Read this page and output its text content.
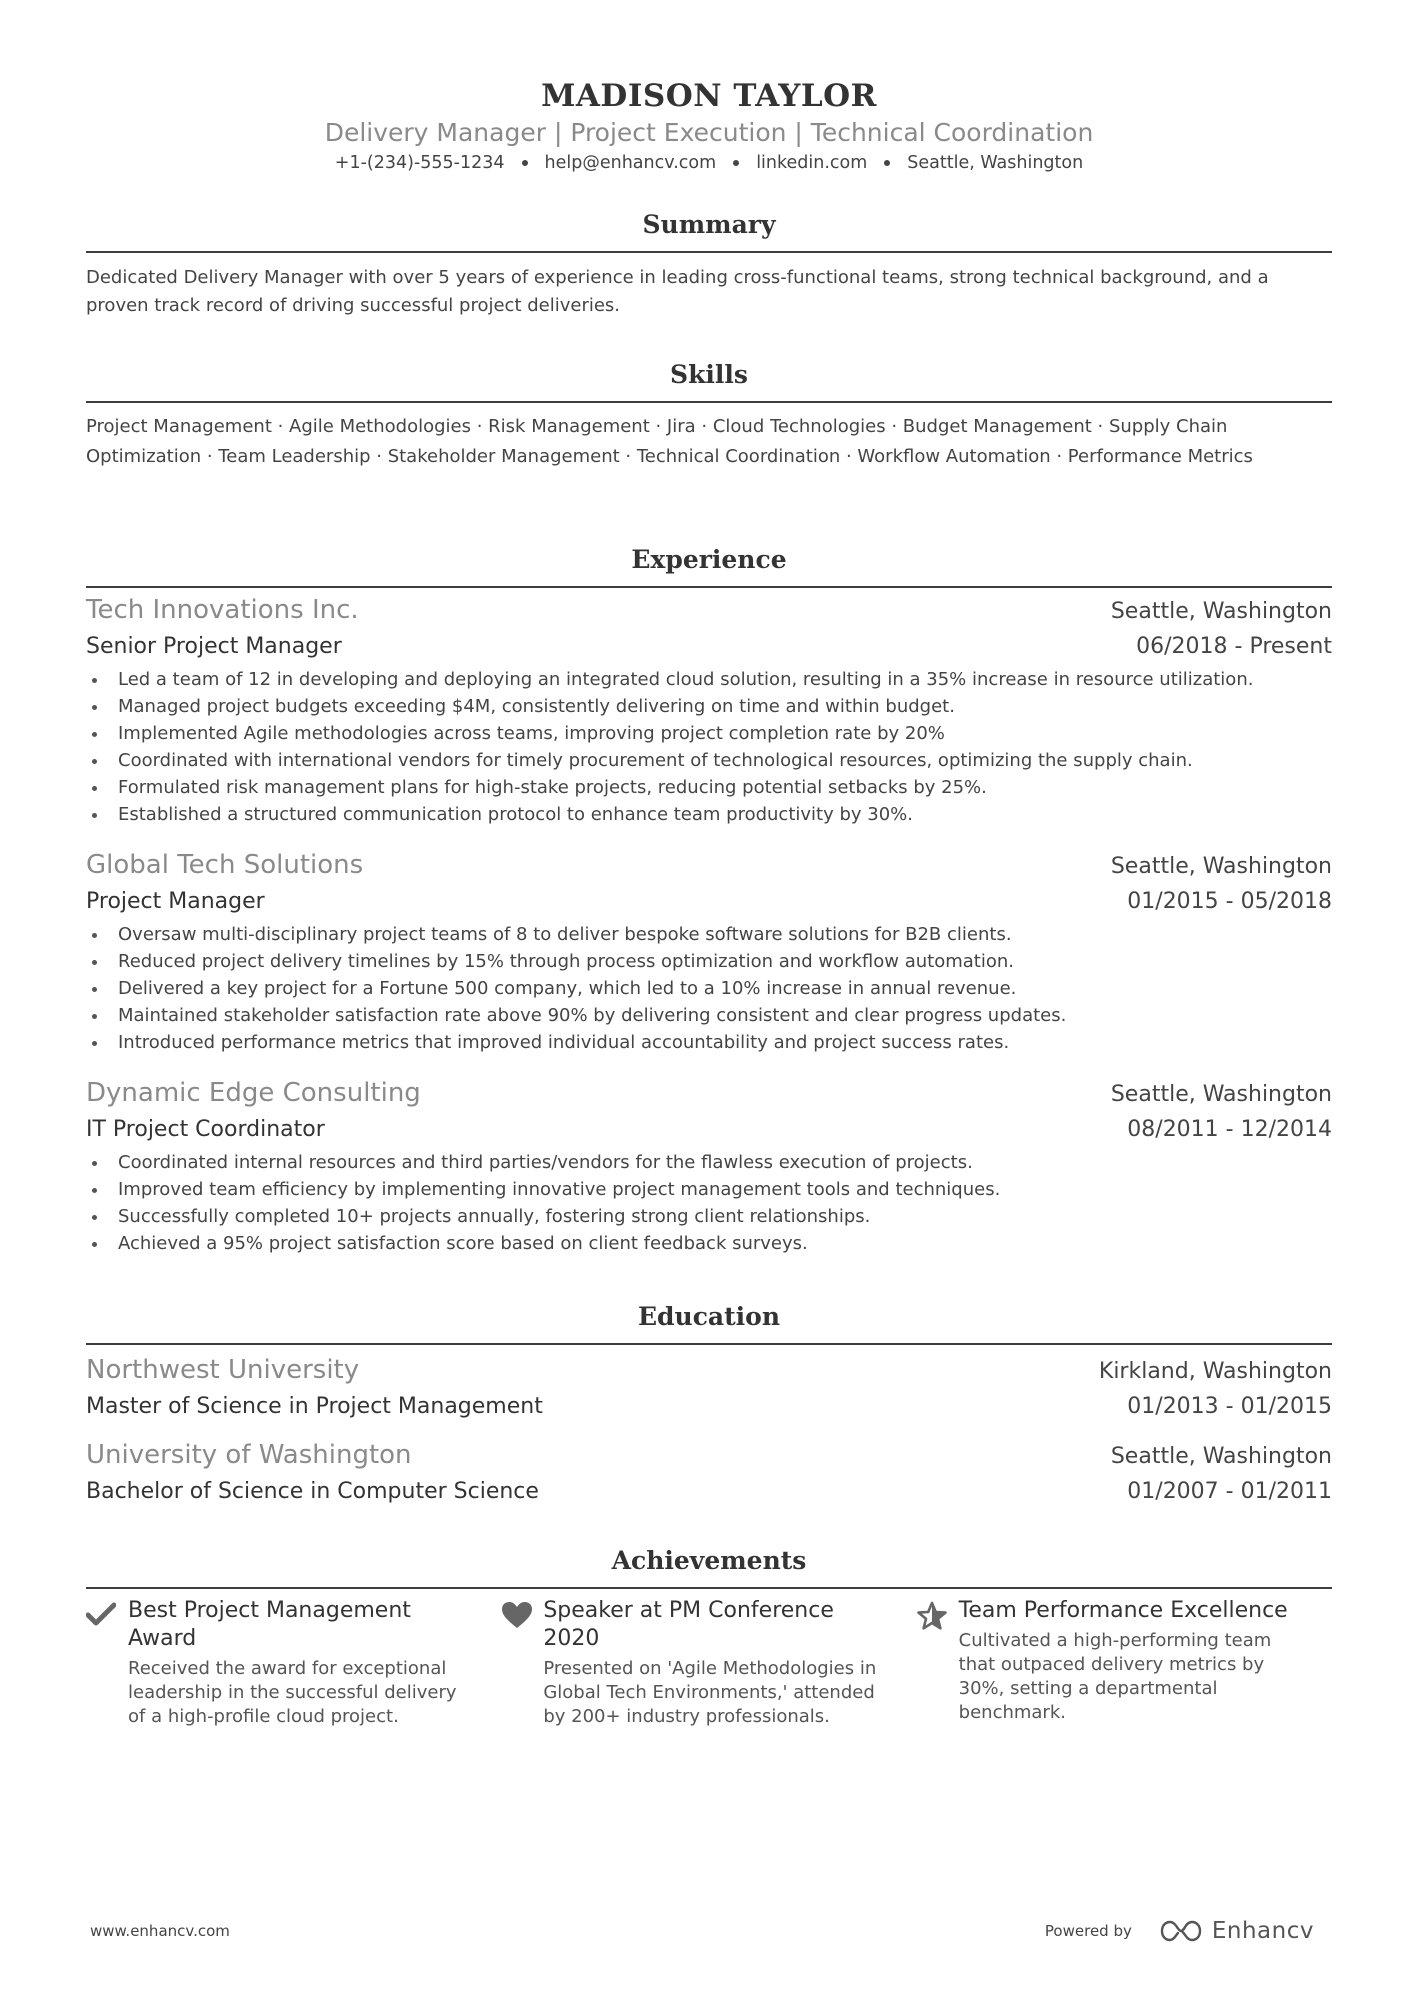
MADISON TAYLOR
Delivery Manager | Project Execution | Technical Coordination
+1-(234)-555-1234 help@enhancv.com linkedin.com Seattle, Washington
Summary
Dedicated Delivery Manager with over 5 years of experience in leading cross-functional teams, strong technical background, and a proven track record of driving successful project deliveries.
Skills
Project Management · Agile Methodologies · Risk Management · Jira · Cloud Technologies · Budget Management · Supply Chain Optimization · Team Leadership · Stakeholder Management · Technical Coordination · Workflow Automation · Performance Metrics
Experience
Tech Innovations Inc.	Seattle, Washington
Senior Project Manager	06/2018 - Present
Led a team of 12 in developing and deploying an integrated cloud solution, resulting in a 35% increase in resource utilization.
Managed project budgets exceeding $4M, consistently delivering on time and within budget.
Implemented Agile methodologies across teams, improving project completion rate by 20%
Coordinated with international vendors for timely procurement of technological resources, optimizing the supply chain.
Formulated risk management plans for high-stake projects, reducing potential setbacks by 25%.
Established a structured communication protocol to enhance team productivity by 30%.
Global Tech Solutions	Seattle, Washington
Project Manager	01/2015 - 05/2018
Oversaw multi-disciplinary project teams of 8 to deliver bespoke software solutions for B2B clients.
Reduced project delivery timelines by 15% through process optimization and workflow automation.
Delivered a key project for a Fortune 500 company, which led to a 10% increase in annual revenue.
Maintained stakeholder satisfaction rate above 90% by delivering consistent and clear progress updates.
Introduced performance metrics that improved individual accountability and project success rates.
Dynamic Edge Consulting	Seattle, Washington
IT Project Coordinator	08/2011 - 12/2014
Coordinated internal resources and third parties/vendors for the flawless execution of projects.
Improved team efficiency by implementing innovative project management tools and techniques.
Successfully completed 10+ projects annually, fostering strong client relationships.
Achieved a 95% project satisfaction score based on client feedback surveys.
Education
Northwest University	Kirkland, Washington
Master of Science in Project Management	01/2013 - 01/2015
University of Washington	Seattle, Washington
Bachelor of Science in Computer Science	01/2007 - 01/2011
Achievements
Best Project Management Award
Received the award for exceptional leadership in the successful delivery of a high-profile cloud project.
Speaker at PM Conference 2020
Presented on 'Agile Methodologies in Global Tech Environments,' attended by 200+ industry professionals.
Team Performance Excellence
Cultivated a high-performing team that outpaced delivery metrics by 30%, setting a departmental benchmark.
www.enhancv.com	Powered by	Enhancv
